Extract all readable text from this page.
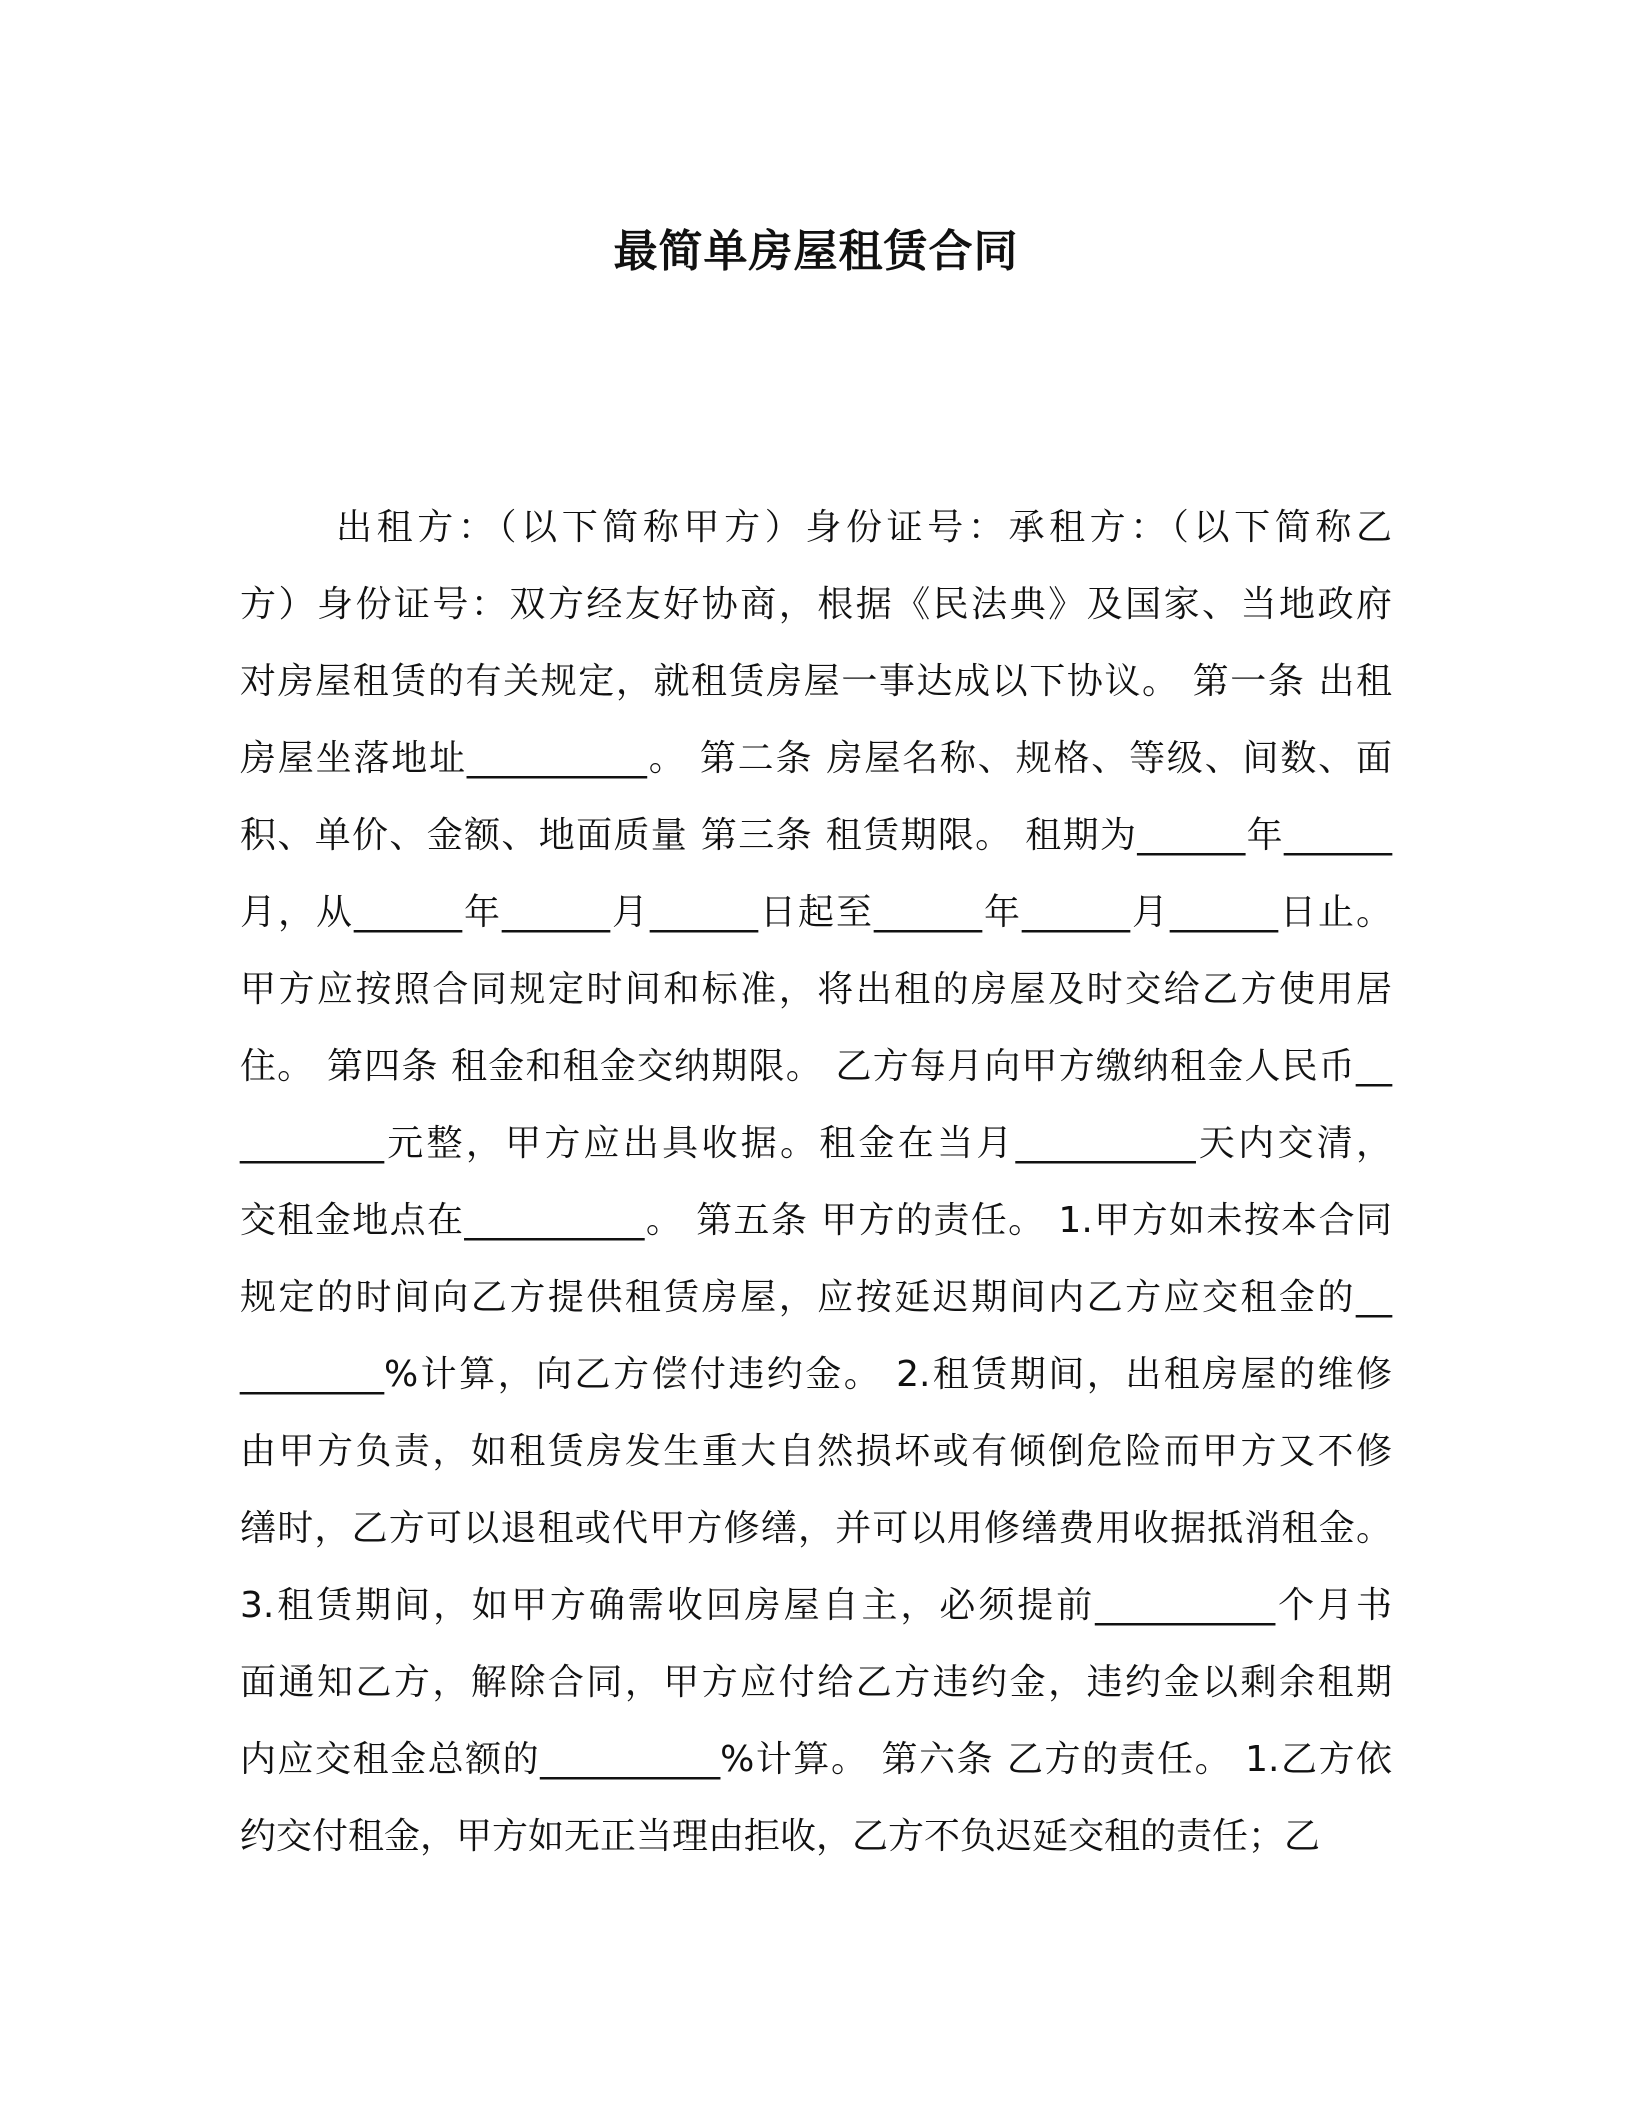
最简单房屋租赁合同
出租方：（以下简称甲方）身份证号：承租方：（以下简称乙
方）身份证号：双方经友好协商，根据《民法典》及国家、当地政府
对房屋租赁的有关规定，就租赁房屋一事达成以下协议。 第一条 出租
房屋坐落地址__________。 第二条 房屋名称、规格、等级、间数、面
积、单价、金额、地面质量 第三条 租赁期限。 租期为______年______
月，从______年______月______日起至______年______月______日止。
甲方应按照合同规定时间和标准，将出租的房屋及时交给乙方使用居
住。 第四条 租金和租金交纳期限。 乙方每月向甲方缴纳租金人民币__
________元整，甲方应出具收据。租金在当月__________天内交清，
交租金地点在__________。 第五条 甲方的责任。 1.甲方如未按本合同
规定的时间向乙方提供租赁房屋，应按延迟期间内乙方应交租金的__
________%计算，向乙方偿付违约金。 2.租赁期间，出租房屋的维修
由甲方负责，如租赁房发生重大自然损坏或有倾倒危险而甲方又不修
缮时，乙方可以退租或代甲方修缮，并可以用修缮费用收据抵消租金。
3.租赁期间，如甲方确需收回房屋自主，必须提前__________个月书
面通知乙方，解除合同，甲方应付给乙方违约金，违约金以剩余租期
内应交租金总额的__________%计算。 第六条 乙方的责任。 1.乙方依
约交付租金，甲方如无正当理由拒收，乙方不负迟延交租的责任；乙
